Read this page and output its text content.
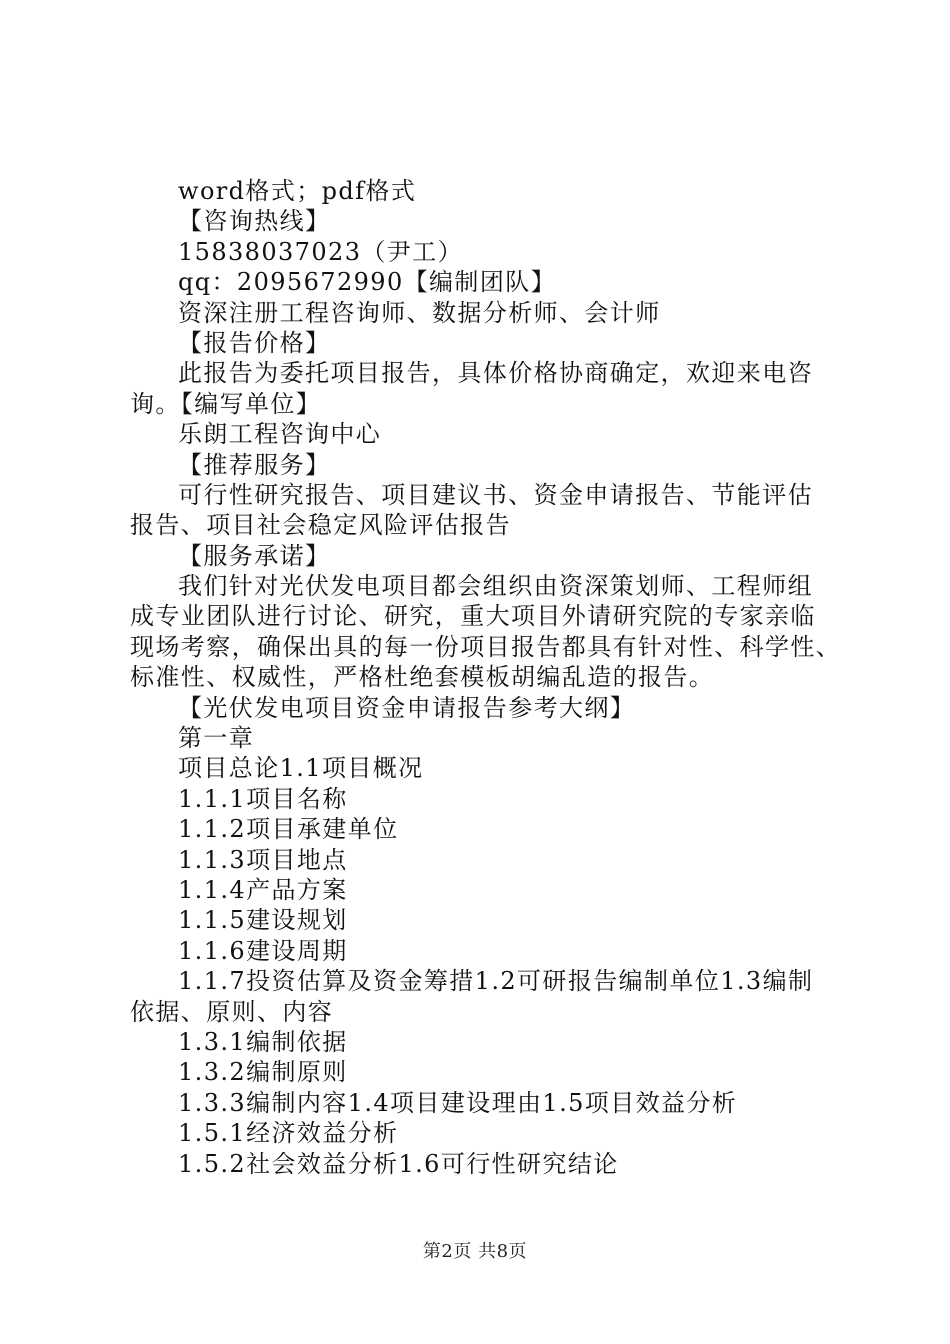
word格式；pdf格式
【咨询热线】
15838037023（尹工）
qq：2095672990【编制团队】
资深注册工程咨询师、数据分析师、会计师
【报告价格】
此报告为委托项目报告，具体价格协商确定，欢迎来电咨
询。【编写单位】
乐朗工程咨询中心
【推荐服务】
可行性研究报告、项目建议书、资金申请报告、节能评估
报告、项目社会稳定风险评估报告
【服务承诺】
我们针对光伏发电项目都会组织由资深策划师、工程师组
成专业团队进行讨论、研究，重大项目外请研究院的专家亲临
现场考察，确保出具的每一份项目报告都具有针对性、科学性、
标准性、权威性，严格杜绝套模板胡编乱造的报告。
【光伏发电项目资金申请报告参考大纲】
第一章
项目总论1.1项目概况
1.1.1项目名称
1.1.2项目承建单位
1.1.3项目地点
1.1.4产品方案
1.1.5建设规划
1.1.6建设周期
1.1.7投资估算及资金筹措1.2可研报告编制单位1.3编制
依据、原则、内容
1.3.1编制依据
1.3.2编制原则
1.3.3编制内容1.4项目建设理由1.5项目效益分析
1.5.1经济效益分析
1.5.2社会效益分析1.6可行性研究结论
第2页 共8页
